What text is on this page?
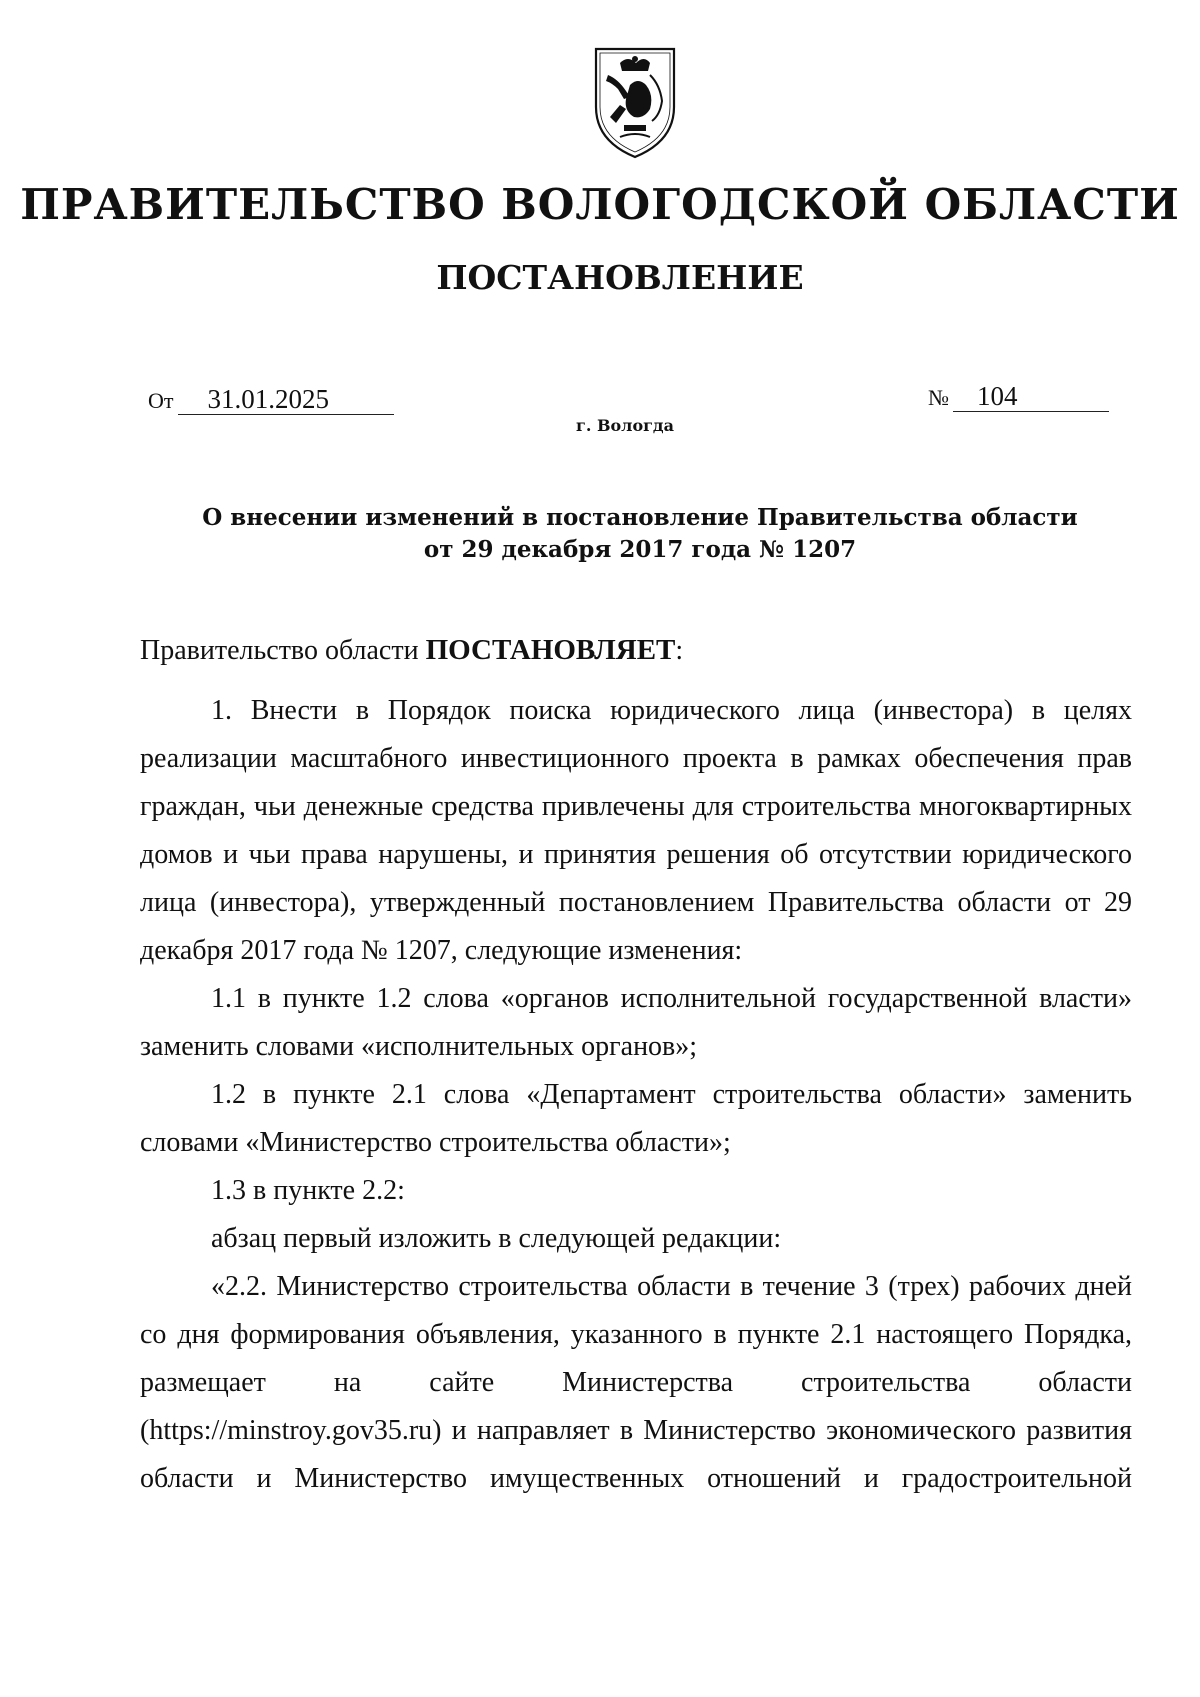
ПРАВИТЕЛЬСТВО ВОЛОГОДСКОЙ ОБЛАСТИ
ПОСТАНОВЛЕНИЕ
От 31.01.2025	№ 104
г. Вологда
О внесении изменений в постановление Правительства области
от 29 декабря 2017 года № 1207

Правительство области ПОСТАНОВЛЯЕТ:

1. Внести в Порядок поиска юридического лица (инвестора) в целях реализации масштабного инвестиционного проекта в рамках обеспечения прав граждан, чьи денежные средства привлечены для строительства многоквартирных домов и чьи права нарушены, и принятия решения об отсутствии юридического лица (инвестора), утвержденный постановлением Правительства области от 29 декабря 2017 года № 1207, следующие изменения:

1.1 в пункте 1.2 слова «органов исполнительной государственной власти» заменить словами «исполнительных органов»;

1.2 в пункте 2.1 слова «Департамент строительства области» заменить словами «Министерство строительства области»;

1.3 в пункте 2.2:

абзац первый изложить в следующей редакции:

«2.2. Министерство строительства области в течение 3 (трех) рабочих дней со дня формирования объявления, указанного в пункте 2.1 настоящего Порядка, размещает на сайте Министерства строительства области (https://minstroy.gov35.ru) и направляет в Министерство экономического развития области и Министерство имущественных отношений и градостроительной
